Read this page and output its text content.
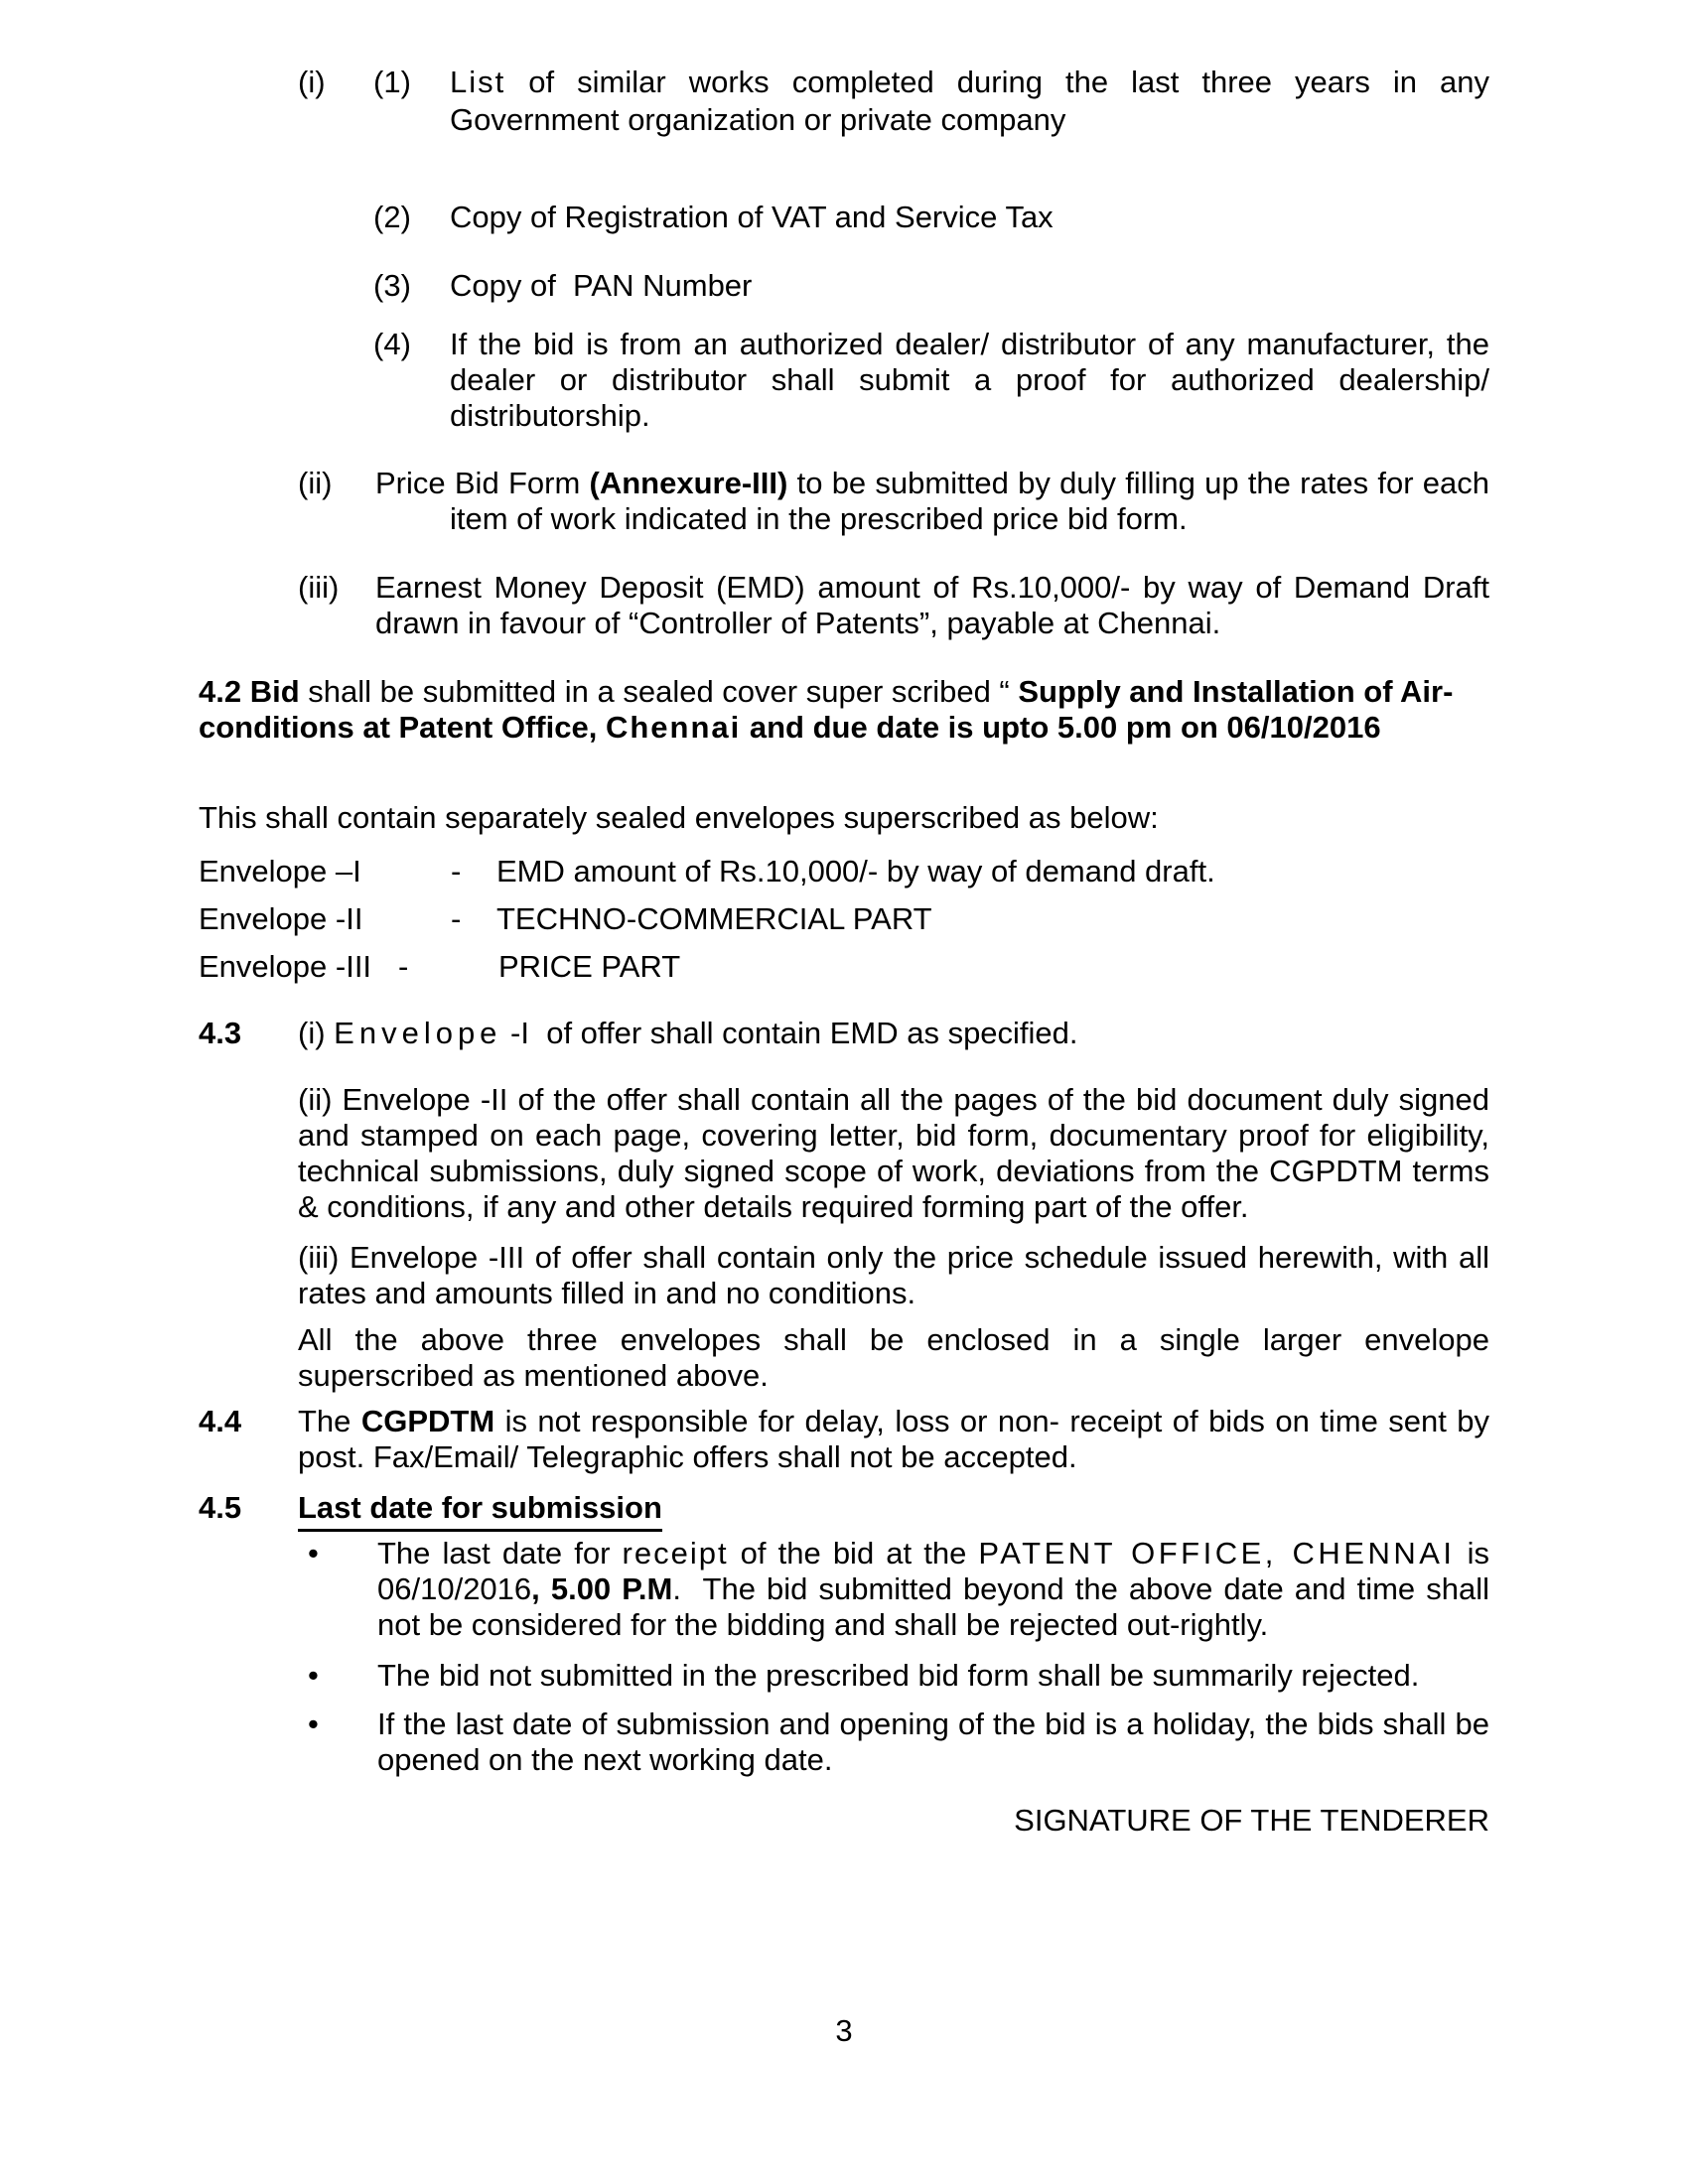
(i)	(1)	List of similar works completed during the last three years in any Government organization or private company
(2)	Copy of Registration of VAT and Service Tax
(3)	Copy of  PAN Number
(4)	If the bid is from an authorized dealer/ distributor of any manufacturer, the dealer or distributor shall submit a proof for authorized dealership/ distributorship.
(ii)	Price Bid Form (Annexure-III) to be submitted by duly filling up the rates for each item of work indicated in the prescribed price bid form.
(iii)	Earnest Money Deposit (EMD) amount of Rs.10,000/- by way of Demand Draft drawn in favour of “Controller of Patents”, payable at Chennai.
4.2 Bid shall be submitted in a sealed cover super scribed “ Supply and Installation of Air- conditions at Patent Office, Chennai and due date is upto 5.00 pm on 06/10/2016
This shall contain separately sealed envelopes superscribed as below:
Envelope –I	-	EMD amount of Rs.10,000/- by way of demand draft.
Envelope -II	-	TECHNO-COMMERCIAL PART
Envelope -III -	PRICE PART
4.3	(i) Envelope -I  of offer shall contain EMD as specified.
(ii) Envelope -II of the offer shall contain all the pages of the bid document duly signed and stamped on each page, covering letter, bid form, documentary proof for eligibility, technical submissions, duly signed scope of work, deviations from the CGPDTM terms & conditions, if any and other details required forming part of the offer.
(iii) Envelope -III of offer shall contain only the price schedule issued herewith, with all rates and amounts filled in and no conditions.
All the above three envelopes shall be enclosed in a single larger envelope superscribed as mentioned above.
4.4	The CGPDTM is not responsible for delay, loss or non- receipt of bids on time sent by post. Fax/Email/ Telegraphic offers shall not be accepted.
4.5	Last date for submission
•	The last date for receipt of the bid at the PATENT OFFICE, CHENNAI is 06/10/2016, 5.00 P.M.  The bid submitted beyond the above date and time shall not be considered for the bidding and shall be rejected out-rightly.
•	The bid not submitted in the prescribed bid form shall be summarily rejected.
•	If the last date of submission and opening of the bid is a holiday, the bids shall be opened on the next working date.
SIGNATURE OF THE TENDERER
3
